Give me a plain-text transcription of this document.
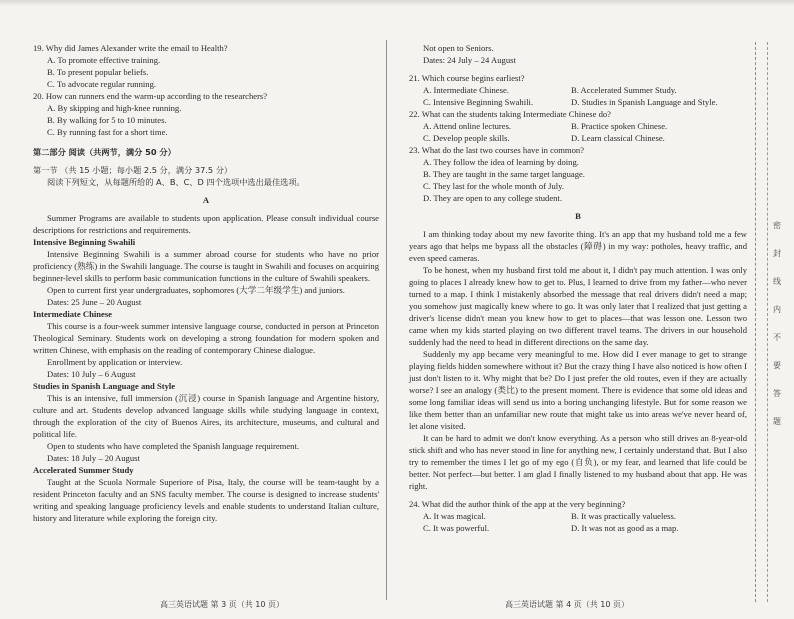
19. Why did James Alexander write the email to Health?

A. To promote effective training.
B. To present popular beliefs.
C. To advocate regular running.

20. How can runners end the warm-up according to the researchers?

A. By skipping and high-knee running.
B. By walking for 5 to 10 minutes.
C. By running fast for a short time.
第二部分 阅读（共两节，满分 50 分）
第一节 （共 15 小题；每小题 2.5 分，满分 37.5 分）
阅读下列短文，从每题所给的 A、B、C、D 四个选项中选出最佳选项。
A
Summer Programs are available to students upon application. Please consult individual course descriptions for restrictions and requirements.
Intensive Beginning Swahili
Intensive Beginning Swahili is a summer abroad course for students who have no prior proficiency (熟练) in the Swahili language. The course is taught in Swahili and focuses on acquiring beginner-level skills to perform basic communication functions in the culture of Swahili speakers.
Open to current first year undergraduates, sophomores (大学二年级学生) and juniors.
Dates: 25 June – 20 August
Intermediate Chinese
This course is a four-week summer intensive language course, conducted in person at Princeton Theological Seminary. Students work on developing a strong foundation for modern spoken and written Chinese, with emphasis on the reading of contemporary Chinese dialogue.
Enrollment by application or interview.
Dates: 10 July – 6 August
Studies in Spanish Language and Style
This is an intensive, full immersion (沉浸) course in Spanish language and Argentine history, culture and art. Students develop advanced language skills while studying language in context, through the exploration of the city of Buenos Aires, its architecture, museums, and cultural and political life.
Open to students who have completed the Spanish language requirement.
Dates: 18 July – 20 August
Accelerated Summer Study
Taught at the Scuola Normale Superiore of Pisa, Italy, the course will be team-taught by a resident Princeton faculty and an SNS faculty member. The course is designed to increase students' writing and speaking language proficiency levels and enable students to understand Italian culture, history and literature while exploring the foreign city.
高三英语试题 第 3 页（共 10 页）
Not open to Seniors.
Dates: 24 July – 24 August

21. Which course begins earliest?

A. Intermediate Chinese.	B. Accelerated Summer Study.
C. Intensive Beginning Swahili.	D. Studies in Spanish Language and Style.

22. What can the students taking Intermediate Chinese do?

A. Attend online lectures.	B. Practice spoken Chinese.
C. Develop people skills.	D. Learn classical Chinese.

23. What do the last two courses have in common?

A. They follow the idea of learning by doing.
B. They are taught in the same target language.
C. They last for the whole month of July.
D. They are open to any college student.
B
I am thinking today about my new favorite thing. It's an app that my husband told me a few years ago that helps me bypass all the obstacles (障碍) in my way: potholes, heavy traffic, and even speed cameras.
To be honest, when my husband first told me about it, I didn't pay much attention. I was only going to places I already knew how to get to. Plus, I learned to drive from my father—who never turned to a map. I think I mistakenly absorbed the message that real drivers didn't need a map; you somehow just magically knew where to go. It was only later that I realized that just getting a driver's license didn't mean you knew how to get to places—that was lesson one. Lesson two came when my kids started playing on two different travel teams. The drivers in our household suddenly had the need to head in different directions on the same day.
Suddenly my app became very meaningful to me. How did I ever manage to get to strange playing fields hidden somewhere without it? But the crazy thing I have also noticed is how often I just don't listen to it. Why might that be? Do I just prefer the old routes, even if they are actually worse? I see an analogy (类比) to the present moment. There is evidence that some old ideas and some long familiar ideas will send us into a boring unchanging lifestyle. But for some reason we like them better than an unfamiliar new route that might take us into areas we've never heard of, let alone visited.
It can be hard to admit we don't know everything. As a person who still drives an 8-year-old stick shift and who has never stood in line for anything new, I certainly understand that. But I also try to remember the times I let go of my ego (自负), or my fear, and learned that life could be better. Not perfect—but better. I am glad I finally listened to my husband about that app. He was right.

24. What did the author think of the app at the very beginning?

A. It was magical.	B. It was practically valueless.
C. It was powerful.	D. It was not as good as a map.
高三英语试题 第 4 页（共 10 页）
密
封
线
内
不
要
答
题
